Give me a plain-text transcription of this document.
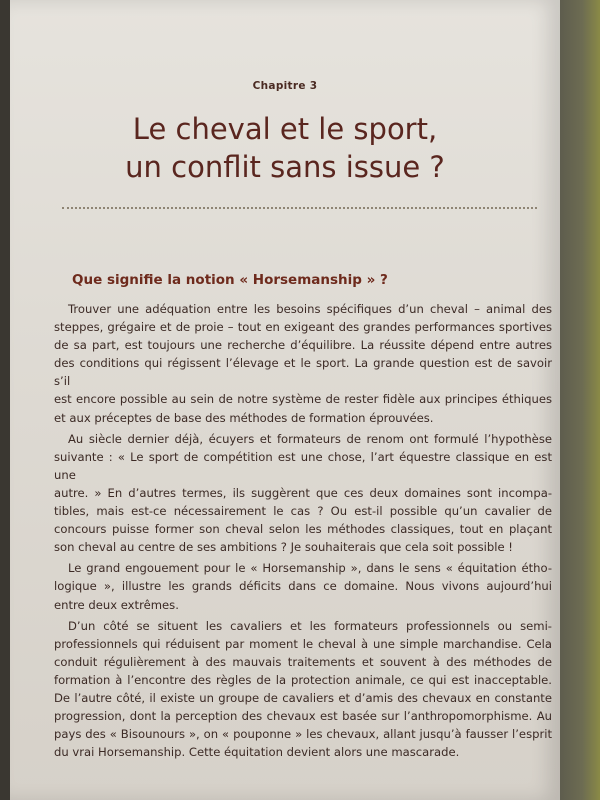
Chapitre 3
Le cheval et le sport,
un conflit sans issue ?
Que signifie la notion « Horsemanship » ?

Trouver une adéquation entre les besoins spécifiques d’un cheval – animal des
steppes, grégaire et de proie – tout en exigeant des grandes performances sportives
de sa part, est toujours une recherche d’équilibre. La réussite dépend entre autres
des conditions qui régissent l’élevage et le sport. La grande question est de savoir s’il
est encore possible au sein de notre système de rester fidèle aux principes éthiques
et aux préceptes de base des méthodes de formation éprouvées.

Au siècle dernier déjà, écuyers et formateurs de renom ont formulé l’hypothèse
suivante : « Le sport de compétition est une chose, l’art équestre classique en est une
autre. » En d’autres termes, ils suggèrent que ces deux domaines sont incompa-
tibles, mais est-ce nécessairement le cas ? Ou est-il possible qu’un cavalier de
concours puisse former son cheval selon les méthodes classiques, tout en plaçant
son cheval au centre de ses ambitions ? Je souhaiterais que cela soit possible !

Le grand engouement pour le « Horsemanship », dans le sens « équitation étho-
logique », illustre les grands déficits dans ce domaine. Nous vivons aujourd’hui
entre deux extrêmes.

D’un côté se situent les cavaliers et les formateurs professionnels ou semi-
professionnels qui réduisent par moment le cheval à une simple marchandise. Cela
conduit régulièrement à des mauvais traitements et souvent à des méthodes de
formation à l’encontre des règles de la protection animale, ce qui est inacceptable.
De l’autre côté, il existe un groupe de cavaliers et d’amis des chevaux en constante
progression, dont la perception des chevaux est basée sur l’anthropomorphisme. Au
pays des « Bisounours », on « pouponne » les chevaux, allant jusqu’à fausser l’esprit
du vrai Horsemanship. Cette équitation devient alors une mascarade.
